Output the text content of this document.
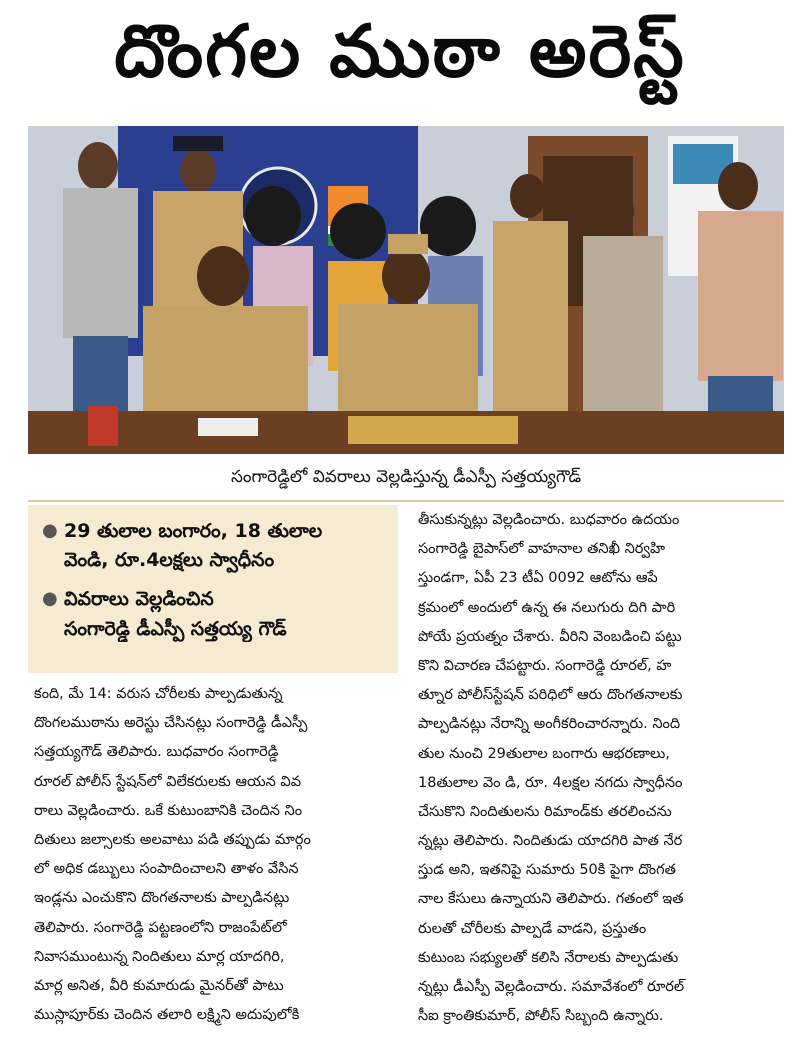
దొంగల ముఠా అరెస్ట్
సంగారెడ్డిలో వివరాలు వెల్లడిస్తున్న డీఎస్పీ సత్తయ్యగౌడ్
● 29 తులాల బంగారం, 18 తులాల
వెండి, రూ.4లక్షలు స్వాధీనం
● వివరాలు వెల్లడించిన
సంగారెడ్డి డీఎస్పీ సత్తయ్య గౌడ్
కంది, మే 14: వరుస చోరీలకు పాల్పడుతున్న
దొంగలముఠాను అరెస్టు చేసినట్లు సంగారెడ్డి డీఎస్పీ
సత్తయ్యగౌడ్ తెలిపారు. బుధవారం సంగారెడ్డి
రూరల్ పోలీస్ స్టేషన్‌లో విలేకరులకు ఆయన వివ
రాలు వెల్లడించారు. ఒకే కుటుంబానికి చెందిన నిం
దితులు జల్సాలకు అలవాటు పడి తప్పుడు మార్గం
లో అధిక డబ్బులు సంపాదించాలని తాళం వేసిన
ఇండ్లను ఎంచుకొని దొంగతనాలకు పాల్పడినట్లు
తెలిపారు. సంగారెడ్డి పట్టణంలోని రాజంపేట్‌లో
నివాసముంటున్న నిందితులు మార్ల యాదగిరి,
మార్ల అనిత, వీరి కుమారుడు మైనర్‌తో పాటు
ముస్లాపూర్‌కు చెందిన తలారి లక్ష్మిని అదుపులోకి
తీసుకున్నట్లు వెల్లడించారు. బుధవారం ఉదయం
సంగారెడ్డి బైపాస్‌లో వాహనాల తనిఖీ నిర్వహి
స్తుండగా, ఏపీ 23 టీఏ 0092 ఆటోను ఆపే
క్రమంలో అందులో ఉన్న ఈ నలుగురు దిగి పారి
పోయే ప్రయత్నం చేశారు. వీరిని వెంబడించి పట్టు
కొని విచారణ చేపట్టారు. సంగారెడ్డి రూరల్, హ
త్నూర పోలీస్‌స్టేషన్ పరిధిలో ఆరు దొంగతనాలకు
పాల్పడినట్లు నేరాన్ని అంగీకరించారన్నారు. నింది
తుల నుంచి 29తులాల బంగారు ఆభరణాలు,
18తులాల వెం డి, రూ. 4లక్షల నగదు స్వాధీనం
చేసుకొని నిందితులను రిమాండ్‌కు తరలించను
న్నట్లు తెలిపారు. నిందితుడు యాదగిరి పాత నేర
స్తుడ అని, ఇతనిపై సుమారు 50కి పైగా దొంగత
నాల కేసులు ఉన్నాయని తెలిపారు. గతంలో ఇత
రులతో చోరీలకు పాల్పడే వాడని, ప్రస్తుతం
కుటుంబ సభ్యులతో కలిసి నేరాలకు పాల్పడుతు
న్నట్లు డీఎస్పీ వెల్లడించారు. సమావేశంలో రూరల్
సీఐ క్రాంతికుమార్, పోలీస్ సిబ్బంది ఉన్నారు.
